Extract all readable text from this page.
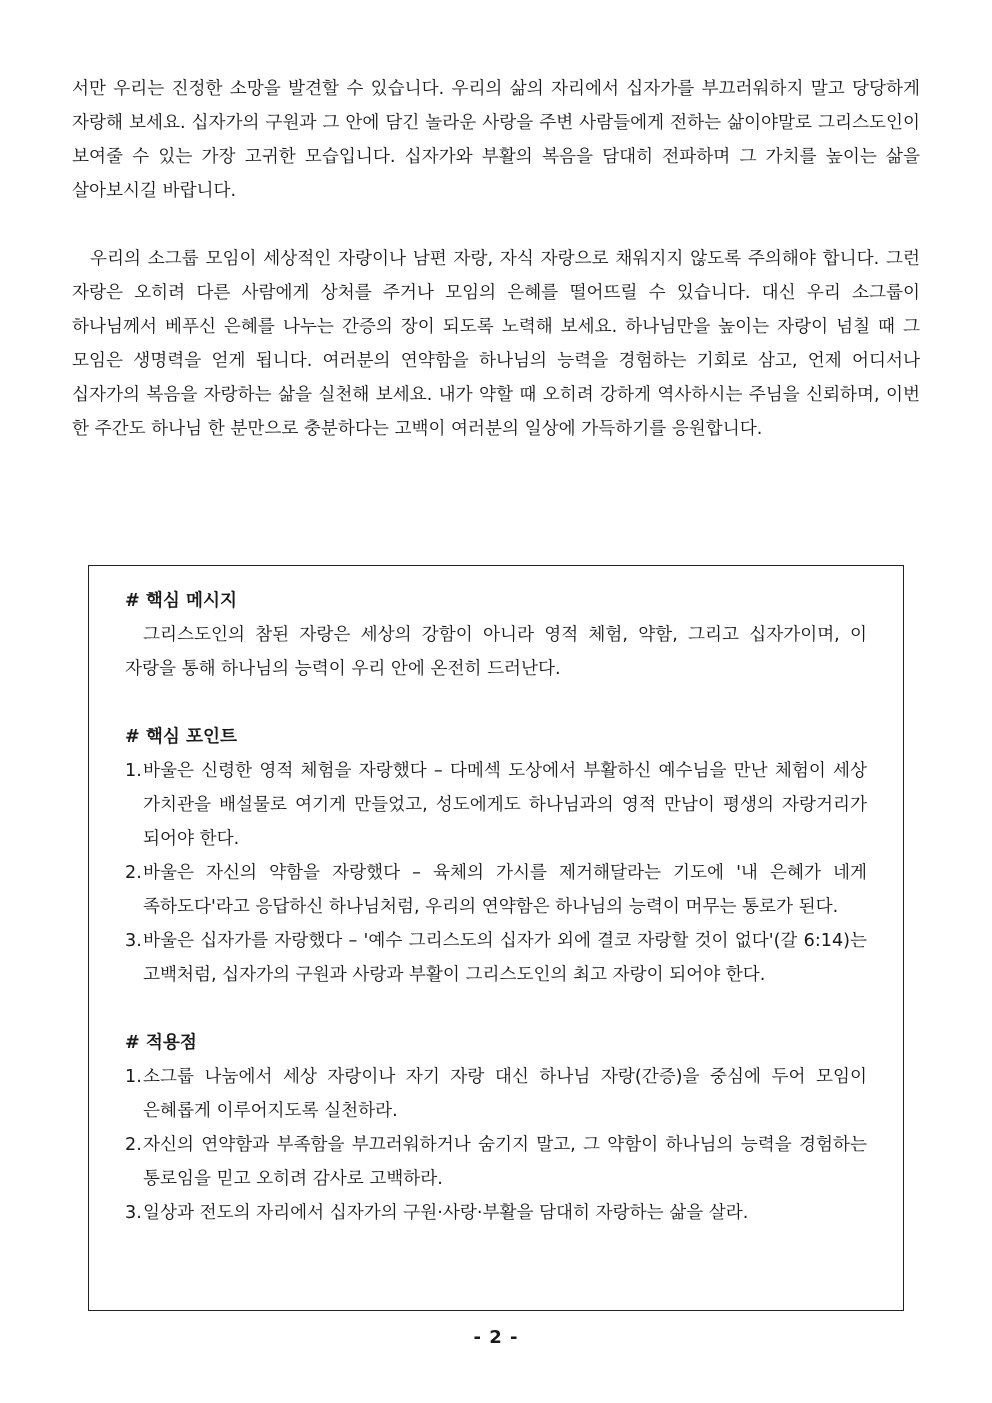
서만 우리는 진정한 소망을 발견할 수 있습니다. 우리의 삶의 자리에서 십자가를 부끄러워하지 말고 당당하게 자랑해 보세요. 십자가의 구원과 그 안에 담긴 놀라운 사랑을 주변 사람들에게 전하는 삶이야말로 그리스도인이 보여줄 수 있는 가장 고귀한 모습입니다. 십자가와 부활의 복음을 담대히 전파하며 그 가치를 높이는 삶을 살아보시길 바랍니다.

우리의 소그룹 모임이 세상적인 자랑이나 남편 자랑, 자식 자랑으로 채워지지 않도록 주의해야 합니다. 그런 자랑은 오히려 다른 사람에게 상처를 주거나 모임의 은혜를 떨어뜨릴 수 있습니다. 대신 우리 소그룹이 하나님께서 베푸신 은혜를 나누는 간증의 장이 되도록 노력해 보세요. 하나님만을 높이는 자랑이 넘칠 때 그 모임은 생명력을 얻게 됩니다. 여러분의 연약함을 하나님의 능력을 경험하는 기회로 삼고, 언제 어디서나 십자가의 복음을 자랑하는 삶을 실천해 보세요. 내가 약할 때 오히려 강하게 역사하시는 주님을 신뢰하며, 이번 한 주간도 하나님 한 분만으로 충분하다는 고백이 여러분의 일상에 가득하기를 응원합니다.

# 핵심 메시지

그리스도인의 참된 자랑은 세상의 강함이 아니라 영적 체험, 약함, 그리고 십자가이며, 이 자랑을 통해 하나님의 능력이 우리 안에 온전히 드러난다.

# 핵심 포인트

1. 바울은 신령한 영적 체험을 자랑했다 – 다메섹 도상에서 부활하신 예수님을 만난 체험이 세상 가치관을 배설물로 여기게 만들었고, 성도에게도 하나님과의 영적 만남이 평생의 자랑거리가 되어야 한다.
2. 바울은 자신의 약함을 자랑했다 – 육체의 가시를 제거해달라는 기도에 '내 은혜가 네게 족하도다'라고 응답하신 하나님처럼, 우리의 연약함은 하나님의 능력이 머무는 통로가 된다.
3. 바울은 십자가를 자랑했다 – '예수 그리스도의 십자가 외에 결코 자랑할 것이 없다'(갈 6:14)는 고백처럼, 십자가의 구원과 사랑과 부활이 그리스도인의 최고 자랑이 되어야 한다.

# 적용점

1. 소그룹 나눔에서 세상 자랑이나 자기 자랑 대신 하나님 자랑(간증)을 중심에 두어 모임이 은혜롭게 이루어지도록 실천하라.
2. 자신의 연약함과 부족함을 부끄러워하거나 숨기지 말고, 그 약함이 하나님의 능력을 경험하는 통로임을 믿고 오히려 감사로 고백하라.
3. 일상과 전도의 자리에서 십자가의 구원·사랑·부활을 담대히 자랑하는 삶을 살라.
- 2 -
